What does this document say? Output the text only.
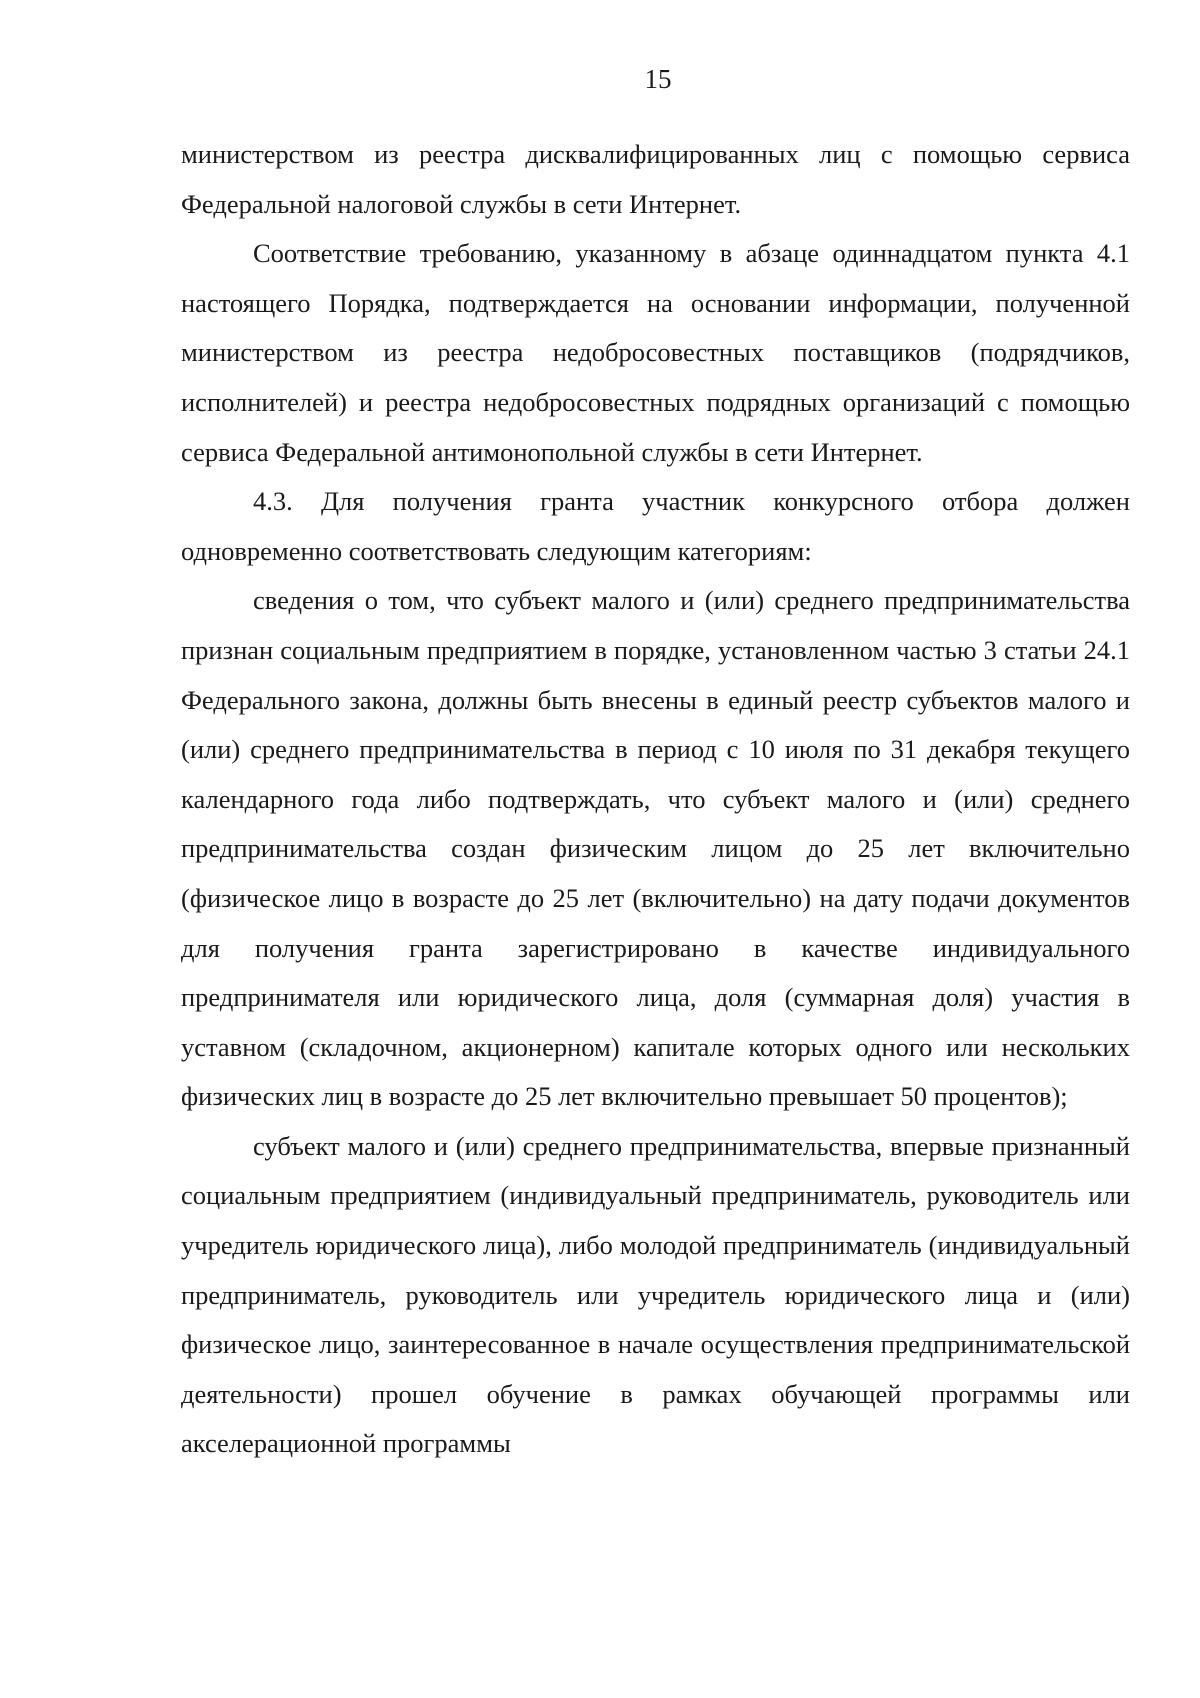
15

министерством из реестра дисквалифицированных лиц с помощью сервиса Федеральной налоговой службы в сети Интернет.

Соответствие требованию, указанному в абзаце одиннадцатом пункта 4.1 настоящего Порядка, подтверждается на основании информации, полученной министерством из реестра недобросовестных поставщиков (подрядчиков, исполнителей) и реестра недобросовестных подрядных организаций с помощью сервиса Федеральной антимонопольной службы в сети Интернет.

4.3. Для получения гранта участник конкурсного отбора должен одновременно соответствовать следующим категориям:

сведения о том, что субъект малого и (или) среднего предпринимательства признан социальным предприятием в порядке, установленном частью 3 статьи 24.1 Федерального закона, должны быть внесены в единый реестр субъектов малого и (или) среднего предпринимательства в период с 10 июля по 31 декабря текущего календарного года либо подтверждать, что субъект малого и (или) среднего предпринимательства создан физическим лицом до 25 лет включительно (физическое лицо в возрасте до 25 лет (включительно) на дату подачи документов для получения гранта зарегистрировано в качестве индивидуального предпринимателя или юридического лица, доля (суммарная доля) участия в уставном (складочном, акционерном) капитале которых одного или нескольких физических лиц в возрасте до 25 лет включительно превышает 50 процентов);

субъект малого и (или) среднего предпринимательства, впервые признанный социальным предприятием (индивидуальный предприниматель, руководитель или учредитель юридического лица), либо молодой предприниматель (индивидуальный предприниматель, руководитель или учредитель юридического лица и (или) физическое лицо, заинтересованное в начале осуществления предпринимательской деятельности) прошел обучение в рамках обучающей программы или акселерационной программы
